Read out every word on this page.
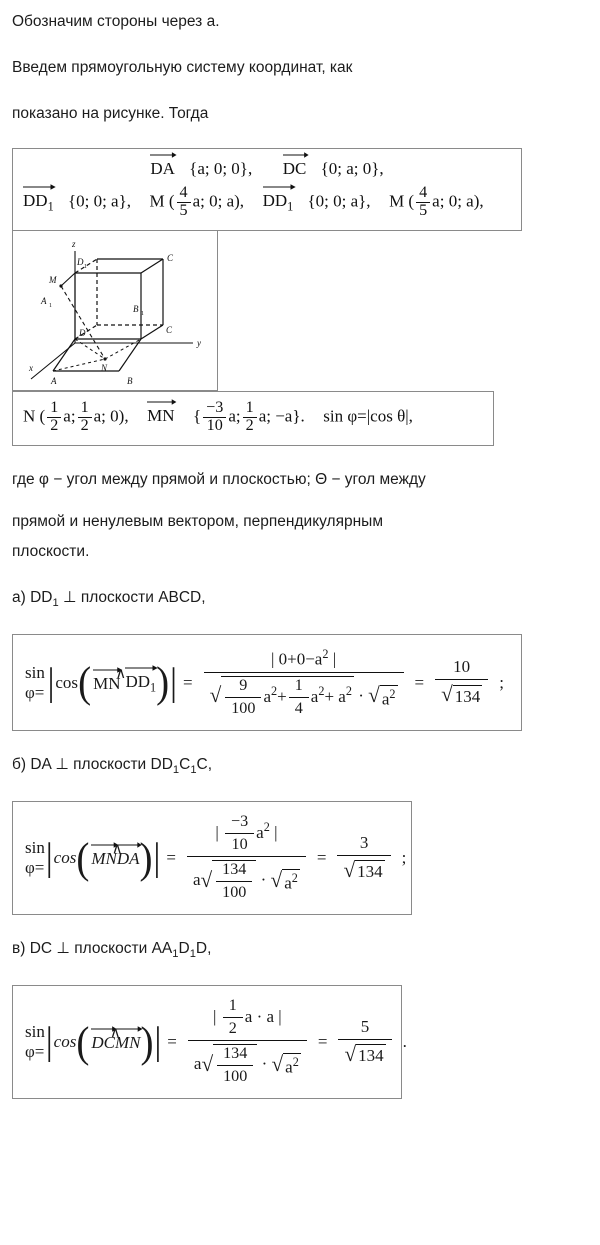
Обозначим стороны через a.

Введем прямоугольную систему координат, как

показано на рисунке. Тогда

DA {a; 0; 0}, DC {0; a; 0},
$DD_1$ {0; 0; a}, M ( $\frac{4}{5} a$; 0; a), $DD_1$ {0; 0; a}, M ( $\frac{4}{5} a$; 0; a),
z
y
x
D 1
C
M
A 1	B 1
D	C
N
A	B
N ( $\frac{1}{2} a$; $\frac{1}{2} a$; 0), MN { $\frac{-3}{10} a$; $\frac{1}{2} a$; −a}. sin φ=|cos θ|,

где φ − угол между прямой и плоскостью; Θ − угол между

прямой и ненулевым вектором, перпендикулярным

плоскости.

а) $DD_1$ ⊥ плоскости ABCD,

sin φ= | cos ( MN
∧ $DD_1$ ) | = $\frac{| 0+0-a^2 |}{√ \frac{9}{100} a^2+ \frac{1}{4} a^2+ a^2 \cdot √ a^2} = \frac{10}{√ 134}$ ;

б) DA ⊥ плоскости $DD_1C_1C$,

sin φ= | cos ( MN
∧
DA ) | = $\frac{| \frac{-3}{10} a^2 |}{a√ \frac{134}{100} \cdot √ a^2} = \frac{3}{√ 134}$ ;

в) DC ⊥ плоскости $AA_1D_1D$,

sin φ= | cos ( DC
∧
MN ) | = $\frac{| \frac{1}{2} a \cdot a |}{a√ \frac{134}{100} \cdot √ a^2} = \frac{5}{√ 134}$ .
